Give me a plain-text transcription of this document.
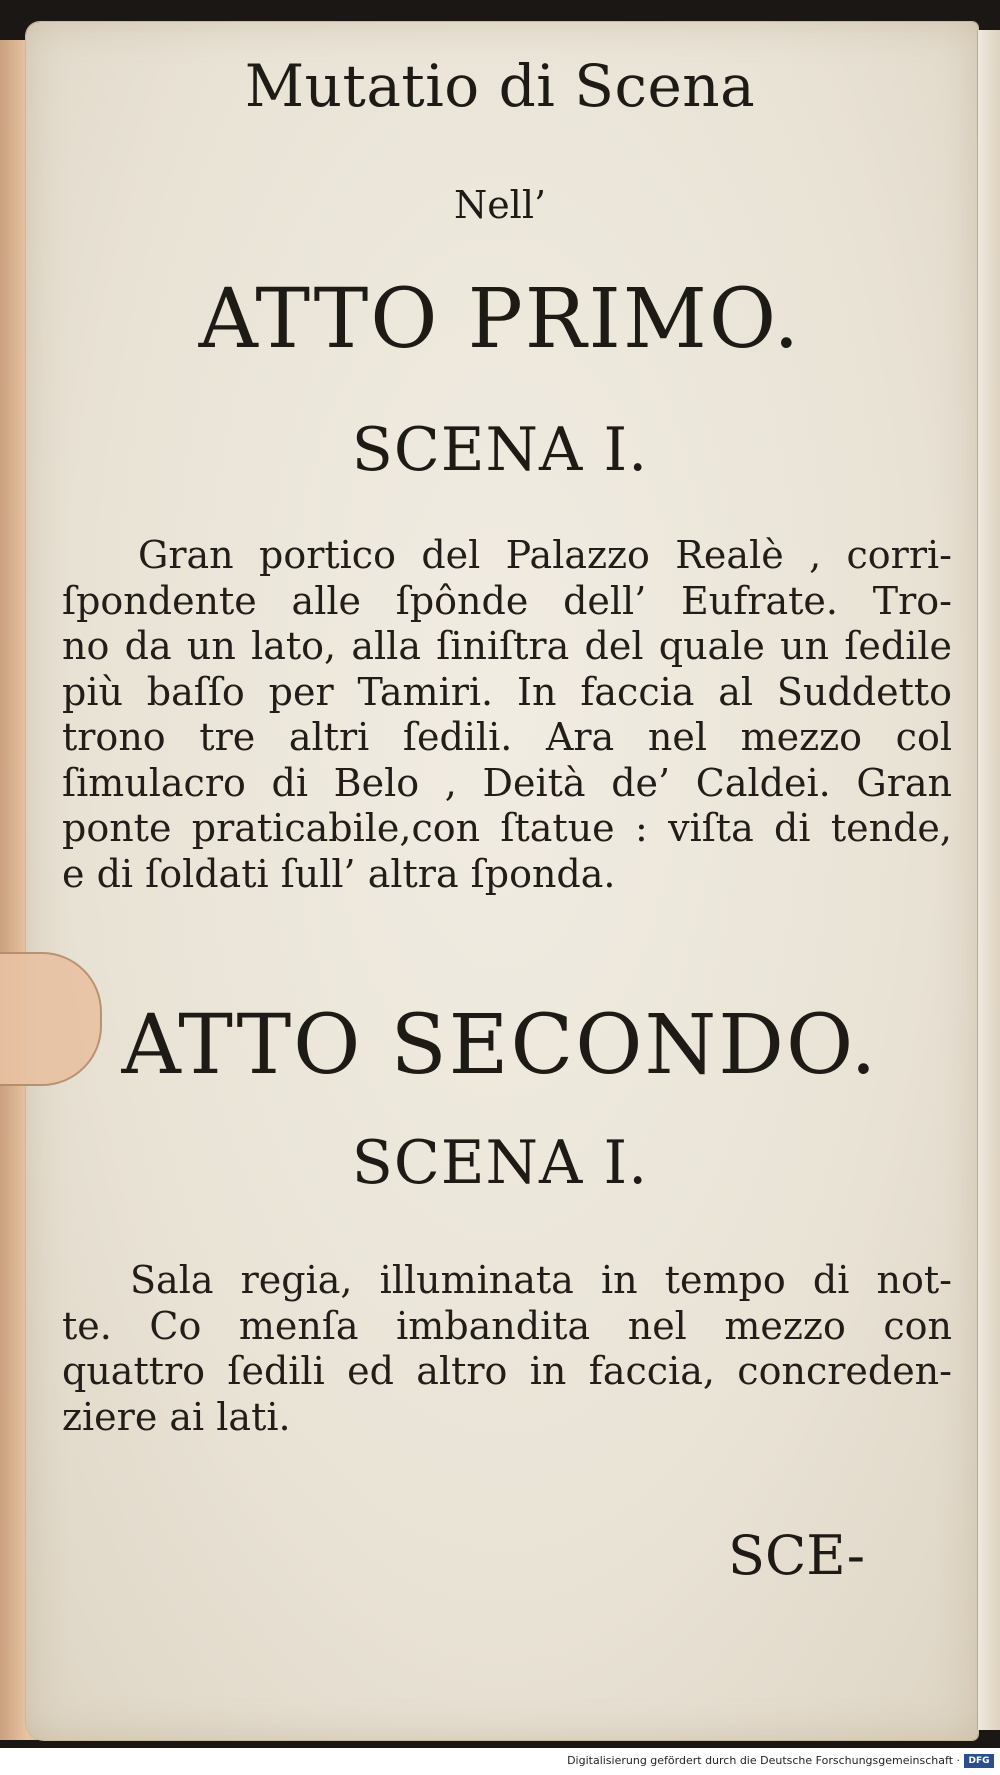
Mutatio di Scena
Nell’
ATTO PRIMO.
SCENA I.
Gran portico del Palazzo Realè , corri-
ſpondente alle ſpônde dell’ Eufrate. Tro-
no da un lato, alla ſiniſtra del quale un ſedile
più baſſo per Tamiri. In faccia al Suddetto
trono tre altri ſedili. Ara nel mezzo col
ſimulacro di Belo , Deità de’ Caldei. Gran
ponte praticabile,con ſtatue : viſta di tende,
e di ſoldati ſull’ altra ſponda.
ATTO SECONDO.
SCENA I.
Sala regia, illuminata in tempo di not-
te. Co menſa imbandita nel mezzo con
quattro ſedili ed altro in faccia, concreden-
ziere ai lati.
SCE-
Digitalisierung gefördert durch die Deutsche Forschungsgemeinschaft · DFG
